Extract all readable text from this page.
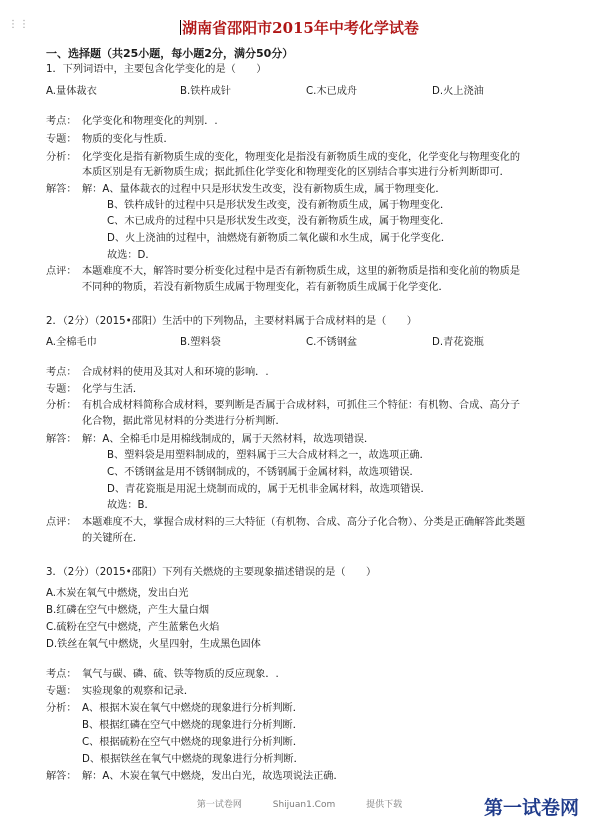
⋮⋮	湖南省邵阳市2015年中考化学试卷
一、选择题（共25小题，每小题2分，满分50分）
1．下列词语中，主要包含化学变化的是（　　）
A.量体裁衣	B.铁杵成针	C.木已成舟	D.火上浇油
考点： 化学变化和物理变化的判别．.
专题： 物质的变化与性质．
分析： 化学变化是指有新物质生成的变化，物理变化是指没有新物质生成的变化，化学变化与物理变化的
本质区别是有无新物质生成；据此抓住化学变化和物理变化的区别结合事实进行分析判断即可．
解答： 解：A、量体裁衣的过程中只是形状发生改变，没有新物质生成，属于物理变化．
B、铁杵成针的过程中只是形状发生改变，没有新物质生成，属于物理变化．
C、木已成舟的过程中只是形状发生改变，没有新物质生成，属于物理变化．
D、火上浇油的过程中，油燃烧有新物质二氧化碳和水生成，属于化学变化．
故选：D．
点评： 本题难度不大，解答时要分析变化过程中是否有新物质生成，这里的新物质是指和变化前的物质是
不同种的物质，若没有新物质生成属于物理变化，若有新物质生成属于化学变化．
2．（2分）（2015•邵阳）生活中的下列物品，主要材料属于合成材料的是（　　）
A.全棉毛巾	B.塑料袋	C.不锈钢盆	D.青花瓷瓶
考点： 合成材料的使用及其对人和环境的影响．.
专题： 化学与生活．
分析： 有机合成材料简称合成材料，要判断是否属于合成材料，可抓住三个特征：有机物、合成、高分子
化合物，据此常见材料的分类进行分析判断．
解答： 解：A、全棉毛巾是用棉线制成的，属于天然材料，故选项错误．
B、塑料袋是用塑料制成的，塑料属于三大合成材料之一，故选项正确．
C、不锈钢盆是用不锈钢制成的，不锈钢属于金属材料，故选项错误．
D、青花瓷瓶是用泥土烧制而成的，属于无机非金属材料，故选项错误．
故选：B．
点评： 本题难度不大，掌握合成材料的三大特征（有机物、合成、高分子化合物）、分类是正确解答此类题
的关键所在．
3．（2分）（2015•邵阳）下列有关燃烧的主要现象描述错误的是（　　）
A.木炭在氧气中燃烧，发出白光
B.红磷在空气中燃烧，产生大量白烟
C.硫粉在空气中燃烧，产生蓝紫色火焰
D.铁丝在氧气中燃烧，火星四射，生成黑色固体
考点： 氧气与碳、磷、硫、铁等物质的反应现象．.
专题： 实验现象的观察和记录．
分析： A、根据木炭在氧气中燃烧的现象进行分析判断．
B、根据红磷在空气中燃烧的现象进行分析判断．
C、根据硫粉在空气中燃烧的现象进行分析判断．
D、根据铁丝在氧气中燃烧的现象进行分析判断．
解答： 解：A、木炭在氧气中燃烧，发出白光，故选项说法正确．
第一试卷网	Shijuan1.Com	提供下载	第一试卷网
